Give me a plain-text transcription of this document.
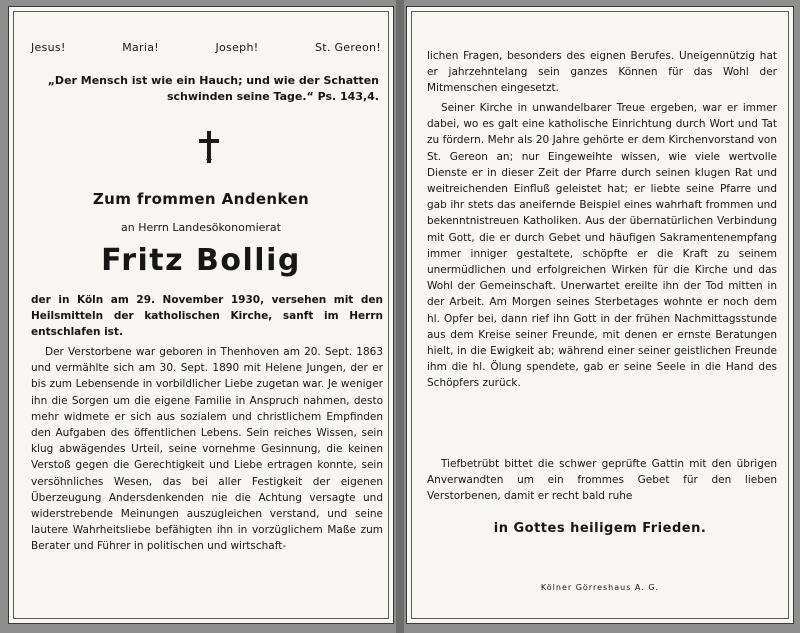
Jesus!	Maria!	Joseph!	St. Gereon!
„Der Mensch ist wie ein Hauch; und wie der Schatten schwinden seine Tage.“ Ps. 143,4.
Zum frommen Andenken
an Herrn Landesökonomierat
Fritz Bollig
der in Köln am 29. November 1930, versehen mit den Heilsmitteln der katholischen Kirche, sanft im Herrn entschlafen ist.
Der Verstorbene war geboren in Thenhoven am 20. Sept. 1863 und vermählte sich am 30. Sept. 1890 mit Helene Jungen, der er bis zum Lebensende in vorbildlicher Liebe zugetan war. Je weniger ihn die Sorgen um die eigene Familie in Anspruch nahmen, desto mehr widmete er sich aus sozialem und christlichem Empfinden den Aufgaben des öffentlichen Lebens. Sein reiches Wissen, sein klug abwägendes Urteil, seine vornehme Gesinnung, die keinen Verstoß gegen die Gerechtigkeit und Liebe ertragen konnte, sein versöhnliches Wesen, das bei aller Festigkeit der eigenen Überzeugung Andersdenkenden nie die Achtung versagte und widerstrebende Meinungen auszugleichen verstand, und seine lautere Wahrheitsliebe befähigten ihn in vorzüglichem Maße zum Berater und Führer in politischen und wirtschaft-
lichen Fragen, besonders des eignen Berufes. Uneigennützig hat er jahrzehntelang sein ganzes Können für das Wohl der Mitmenschen eingesetzt.
Seiner Kirche in unwandelbarer Treue ergeben, war er immer dabei, wo es galt eine katholische Einrichtung durch Wort und Tat zu fördern. Mehr als 20 Jahre gehörte er dem Kirchenvorstand von St. Gereon an; nur Eingeweihte wissen, wie viele wertvolle Dienste er in dieser Zeit der Pfarre durch seinen klugen Rat und weitreichenden Einfluß geleistet hat; er liebte seine Pfarre und gab ihr stets das aneifernde Beispiel eines wahrhaft frommen und bekenntnistreuen Katholiken. Aus der übernatürlichen Verbindung mit Gott, die er durch Gebet und häufigen Sakramentenempfang immer inniger gestaltete, schöpfte er die Kraft zu seinem unermüdlichen und erfolgreichen Wirken für die Kirche und das Wohl der Gemeinschaft. Unerwartet ereilte ihn der Tod mitten in der Arbeit. Am Morgen seines Sterbetages wohnte er noch dem hl. Opfer bei, dann rief ihn Gott in der frühen Nachmittagsstunde aus dem Kreise seiner Freunde, mit denen er ernste Beratungen hielt, in die Ewigkeit ab; während einer seiner geistlichen Freunde ihm die hl. Ölung spendete, gab er seine Seele in die Hand des Schöpfers zurück.
Tiefbetrübt bittet die schwer geprüfte Gattin mit den übrigen Anverwandten um ein frommes Gebet für den lieben Verstorbenen, damit er recht bald ruhe
in Gottes heiligem Frieden.
Kölner Görreshaus A. G.
